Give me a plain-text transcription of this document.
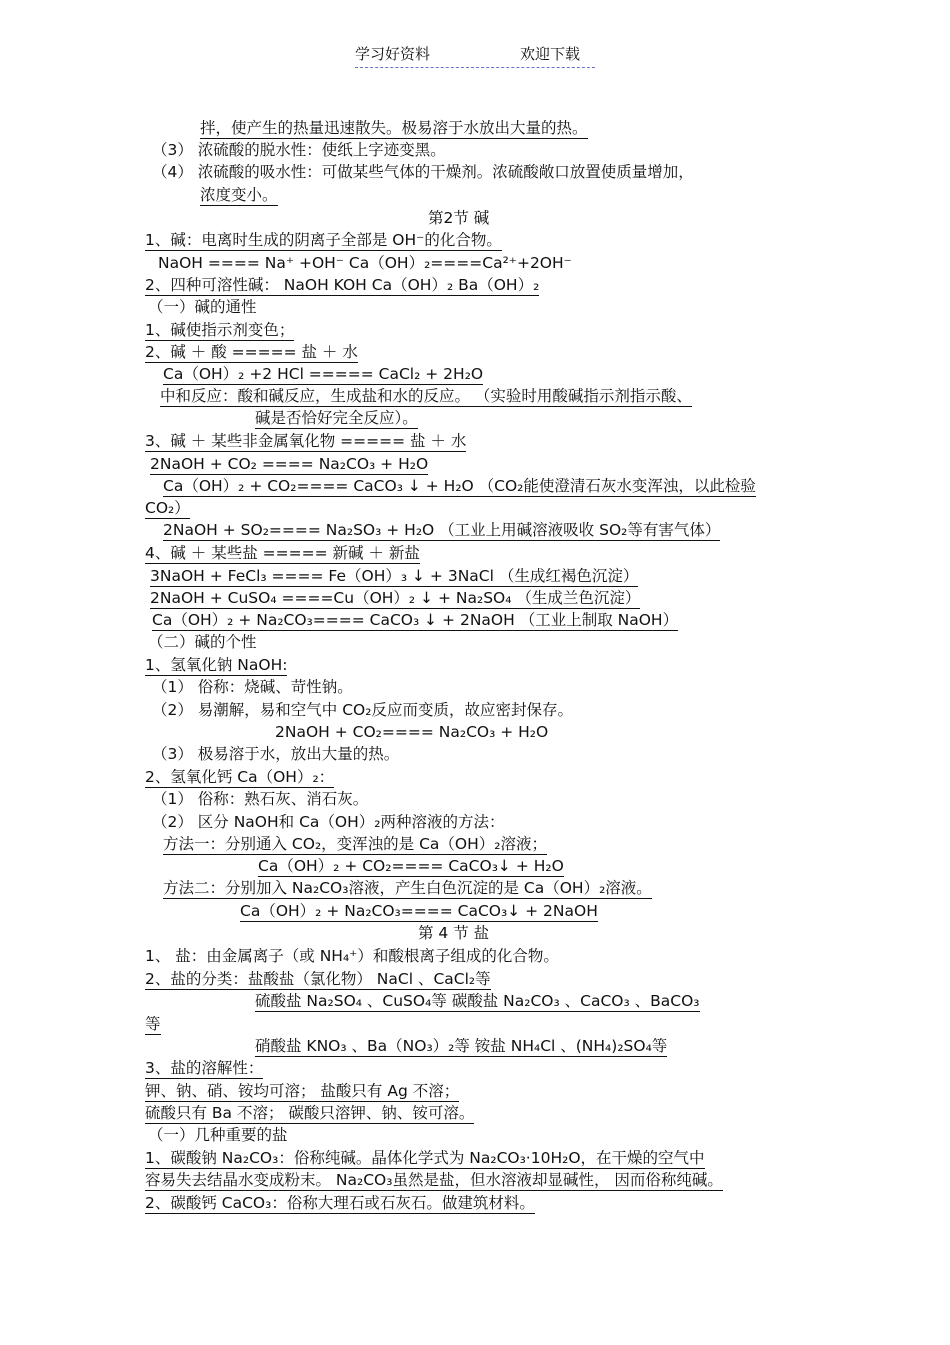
学习好资料	欢迎下载
拌，使产生的热量迅速散失。极易溶于水放出大量的热。
（3） 浓硫酸的脱水性：使纸上字迹变黑。
（4） 浓硫酸的吸水性：可做某些气体的干燥剂。浓硫酸敞口放置使质量增加，
浓度变小。
第2节 碱
1、碱：电离时生成的阴离子全部是 OH⁻的化合物。
NaOH ==== Na⁺ +OH⁻ Ca（OH）₂====Ca²⁺+2OH⁻
2、四种可溶性碱： NaOH KOH Ca（OH）₂ Ba（OH）₂
（一）碱的通性
1、碱使指示剂变色；
2、碱 ＋ 酸 ===== 盐 ＋ 水
Ca（OH）₂ +2 HCl ===== CaCl₂ + 2H₂O
中和反应：酸和碱反应，生成盐和水的反应。 （实验时用酸碱指示剂指示酸、
碱是否恰好完全反应）。
3、碱 ＋ 某些非金属氧化物 ===== 盐 ＋ 水
2NaOH + CO₂ ==== Na₂CO₃ + H₂O
Ca（OH）₂ + CO₂==== CaCO₃ ↓ + H₂O （CO₂能使澄清石灰水变浑浊，以此检验
CO₂）
2NaOH + SO₂==== Na₂SO₃ + H₂O （工业上用碱溶液吸收 SO₂等有害气体）
4、碱 ＋ 某些盐 ===== 新碱 ＋ 新盐
3NaOH + FeCl₃ ==== Fe（OH）₃ ↓ + 3NaCl （生成红褐色沉淀）
2NaOH + CuSO₄ ====Cu（OH）₂ ↓ + Na₂SO₄ （生成兰色沉淀）
Ca（OH）₂ + Na₂CO₃==== CaCO₃ ↓ + 2NaOH （工业上制取 NaOH）
（二）碱的个性
1、氢氧化钠 NaOH:
（1） 俗称：烧碱、苛性钠。
（2） 易潮解，易和空气中 CO₂反应而变质，故应密封保存。
2NaOH + CO₂==== Na₂CO₃ + H₂O
（3） 极易溶于水，放出大量的热。
2、氢氧化钙 Ca（OH）₂：
（1） 俗称：熟石灰、消石灰。
（2） 区分 NaOH和 Ca（OH）₂两种溶液的方法：
方法一：分别通入 CO₂，变浑浊的是 Ca（OH）₂溶液；
Ca（OH）₂ + CO₂==== CaCO₃↓ + H₂O
方法二：分别加入 Na₂CO₃溶液，产生白色沉淀的是 Ca（OH）₂溶液。
Ca（OH）₂ + Na₂CO₃==== CaCO₃↓ + 2NaOH
第 4 节 盐
1、 盐：由金属离子（或 NH₄⁺）和酸根离子组成的化合物。
2、盐的分类：盐酸盐（氯化物） NaCl 、CaCl₂等
硫酸盐 Na₂SO₄ 、CuSO₄等 碳酸盐 Na₂CO₃ 、CaCO₃ 、BaCO₃
等
硝酸盐 KNO₃ 、Ba（NO₃）₂等 铵盐 NH₄Cl 、(NH₄)₂SO₄等
3、盐的溶解性：
钾、钠、硝、铵均可溶； 盐酸只有 Ag 不溶；
硫酸只有 Ba 不溶； 碳酸只溶钾、钠、铵可溶。
（一）几种重要的盐
1、碳酸钠 Na₂CO₃：俗称纯碱。晶体化学式为 Na₂CO₃·10H₂O，在干燥的空气中
容易失去结晶水变成粉末。 Na₂CO₃虽然是盐，但水溶液却显碱性， 因而俗称纯碱。
2、碳酸钙 CaCO₃：俗称大理石或石灰石。做建筑材料。
